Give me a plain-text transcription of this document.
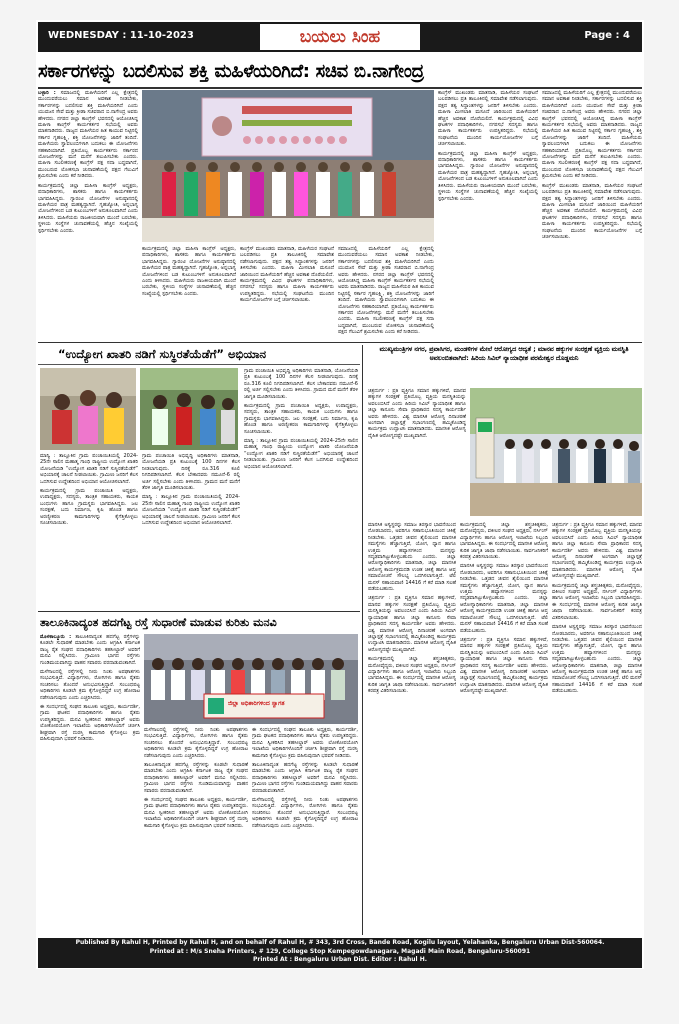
WEDNESDAY : 11-10-2023	ಬಯಲು ಸಿಂಹ	Page : 4
ಸರ್ಕಾರಗಳನ್ನು ಬದಲಿಸುವ ಶಕ್ತಿ ಮಹಿಳೆಯರಿಗಿದೆ: ಸಚಿವ ಬಿ.ನಾಗೇಂದ್ರ

ಬಳ್ಳಾರಿ : ಸಮಾಜದಲ್ಲಿ ಮಹಿಳೆಯರಿಗೆ ಎಲ್ಲ ಕ್ಷೇತ್ರದಲ್ಲಿ ಮುಂದುವರೆಯಲು ಸಮಾನ ಅವಕಾಶ ನೀಡಬೇಕು, ಸರ್ಕಾರಗಳನ್ನು ಬದಲಿಸುವ ಶಕ್ತಿ ಮಹಿಳೆಯರಿಗಿದೆ ಎಂದು ಯುವಜನ ಸೇವೆ ಮತ್ತು ಕ್ರೀಡಾ ಸಚಿವರಾದ ಬಿ.ನಾಗೇಂದ್ರ ಅವರು ಹೇಳಿದರು. ನಗರದ ಜಿಲ್ಲಾ ಕಾಂಗ್ರೆಸ್ ಭವನದಲ್ಲಿ ಆಯೋಜಿಸಿದ್ದ ಮಹಿಳಾ ಕಾಂಗ್ರೆಸ್ ಕಾರ್ಯಕರ್ತರ ಸಭೆಯಲ್ಲಿ ಅವರು ಮಾತನಾಡಿದರು. ರಾಜ್ಯದ ಮಹಿಳೆಯರ ಹಿತ ಕಾಯುವ ನಿಟ್ಟಿನಲ್ಲಿ ಸರ್ಕಾರ ಗೃಹಲಕ್ಷ್ಮಿ, ಶಕ್ತಿ ಯೋಜನೆಗಳನ್ನು ಜಾರಿಗೆ ತಂದಿದೆ. ಮಹಿಳೆಯರು ಸ್ವಾವಲಂಬಿಗಳಾಗಿ ಬದುಕಲು ಈ ಯೋಜನೆಗಳು ಸಹಕಾರಿಯಾಗಿವೆ. ಪ್ರತಿಯೊಬ್ಬ ಕಾರ್ಯಕರ್ತರು ಸರ್ಕಾರದ ಯೋಜನೆಗಳನ್ನು ಮನೆ ಮನೆಗೆ ತಲುಪಿಸಬೇಕು ಎಂದರು. ಮಹಿಳಾ ಸಬಲೀಕರಣಕ್ಕೆ ಕಾಂಗ್ರೆಸ್ ಪಕ್ಷ ಸದಾ ಬದ್ಧವಾಗಿದೆ, ಮುಂಬರುವ ಲೋಕಸಭಾ ಚುನಾವಣೆಯಲ್ಲಿ ಪಕ್ಷದ ಗೆಲುವಿಗೆ ಶ್ರಮಿಸಬೇಕು ಎಂದು ಕರೆ ನೀಡಿದರು.

ಕಾರ್ಯಕ್ರಮದಲ್ಲಿ ಜಿಲ್ಲಾ ಮಹಿಳಾ ಕಾಂಗ್ರೆಸ್ ಅಧ್ಯಕ್ಷರು, ಪದಾಧಿಕಾರಿಗಳು, ಶಾಸಕರು ಹಾಗೂ ಕಾರ್ಯಕರ್ತರು ಭಾಗವಹಿಸಿದ್ದರು. ಗ್ಯಾರಂಟಿ ಯೋಜನೆಗಳ ಅನುಷ್ಠಾನದಲ್ಲಿ ಮಹಿಳೆಯರ ಪಾತ್ರ ಮಹತ್ವದ್ದಾಗಿದೆ. ಗೃಹಜ್ಯೋತಿ, ಅನ್ನಭಾಗ್ಯ ಯೋಜನೆಗಳಿಂದ ಬಡ ಕುಟುಂಬಗಳಿಗೆ ಅನುಕೂಲವಾಗಿದೆ ಎಂದು ತಿಳಿಸಿದರು. ಮಹಿಳೆಯರು ರಾಜಕೀಯವಾಗಿ ಮುಂದೆ ಬರಬೇಕು, ಸ್ಥಳೀಯ ಸಂಸ್ಥೆಗಳ ಚುನಾವಣೆಯಲ್ಲಿ ಹೆಚ್ಚಿನ ಸಂಖ್ಯೆಯಲ್ಲಿ ಸ್ಪರ್ಧಿಸಬೇಕು ಎಂದರು.

ಕಾರ್ಯಕ್ರಮದಲ್ಲಿ ಜಿಲ್ಲಾ ಮಹಿಳಾ ಕಾಂಗ್ರೆಸ್ ಅಧ್ಯಕ್ಷರು, ಪದಾಧಿಕಾರಿಗಳು, ಶಾಸಕರು ಹಾಗೂ ಕಾರ್ಯಕರ್ತರು ಭಾಗವಹಿಸಿದ್ದರು. ಗ್ಯಾರಂಟಿ ಯೋಜನೆಗಳ ಅನುಷ್ಠಾನದಲ್ಲಿ ಮಹಿಳೆಯರ ಪಾತ್ರ ಮಹತ್ವದ್ದಾಗಿದೆ. ಗೃಹಜ್ಯೋತಿ, ಅನ್ನಭಾಗ್ಯ ಯೋಜನೆಗಳಿಂದ ಬಡ ಕುಟುಂಬಗಳಿಗೆ ಅನುಕೂಲವಾಗಿದೆ ಎಂದು ತಿಳಿಸಿದರು. ಮಹಿಳೆಯರು ರಾಜಕೀಯವಾಗಿ ಮುಂದೆ ಬರಬೇಕು, ಸ್ಥಳೀಯ ಸಂಸ್ಥೆಗಳ ಚುನಾವಣೆಯಲ್ಲಿ ಹೆಚ್ಚಿನ ಸಂಖ್ಯೆಯಲ್ಲಿ ಸ್ಪರ್ಧಿಸಬೇಕು ಎಂದರು.

ಕಾಂಗ್ರೆಸ್ ಮುಖಂಡರು ಮಾತನಾಡಿ, ಮಹಿಳೆಯರ ಸಂಘಟನೆ ಬಲಪಡಿಸಲು ಪ್ರತಿ ತಾಲೂಕಿನಲ್ಲಿ ಸಮಾವೇಶ ನಡೆಸಲಾಗುವುದು. ಪಕ್ಷದ ತತ್ವ ಸಿದ್ಧಾಂತಗಳನ್ನು ಜನರಿಗೆ ತಿಳಿಸಬೇಕು ಎಂದರು. ಮಹಿಳಾ ಮೀಸಲಾತಿ ಮಸೂದೆ ಜಾರಿಯಿಂದ ಮಹಿಳೆಯರಿಗೆ ಹೆಚ್ಚಿನ ಅವಕಾಶ ದೊರೆಯಲಿದೆ. ಕಾರ್ಯಕ್ರಮದಲ್ಲಿ ವಿವಿಧ ಘಟಕಗಳ ಪದಾಧಿಕಾರಿಗಳು, ನಗರಸಭೆ ಸದಸ್ಯರು ಹಾಗೂ ಮಹಿಳಾ ಕಾರ್ಯಕರ್ತರು ಉಪಸ್ಥಿತರಿದ್ದರು. ಸಭೆಯಲ್ಲಿ ಸಂಘಟನೆಯ ಮುಂದಿನ ಕಾರ್ಯಯೋಜನೆಗಳ ಬಗ್ಗೆ ಚರ್ಚಿಸಲಾಯಿತು.

ಸಮಾಜದಲ್ಲಿ ಮಹಿಳೆಯರಿಗೆ ಎಲ್ಲ ಕ್ಷೇತ್ರದಲ್ಲಿ ಮುಂದುವರೆಯಲು ಸಮಾನ ಅವಕಾಶ ನೀಡಬೇಕು, ಸರ್ಕಾರಗಳನ್ನು ಬದಲಿಸುವ ಶಕ್ತಿ ಮಹಿಳೆಯರಿಗಿದೆ ಎಂದು ಯುವಜನ ಸೇವೆ ಮತ್ತು ಕ್ರೀಡಾ ಸಚಿವರಾದ ಬಿ.ನಾಗೇಂದ್ರ ಅವರು ಹೇಳಿದರು. ನಗರದ ಜಿಲ್ಲಾ ಕಾಂಗ್ರೆಸ್ ಭವನದಲ್ಲಿ ಆಯೋಜಿಸಿದ್ದ ಮಹಿಳಾ ಕಾಂಗ್ರೆಸ್ ಕಾರ್ಯಕರ್ತರ ಸಭೆಯಲ್ಲಿ ಅವರು ಮಾತನಾಡಿದರು. ರಾಜ್ಯದ ಮಹಿಳೆಯರ ಹಿತ ಕಾಯುವ ನಿಟ್ಟಿನಲ್ಲಿ ಸರ್ಕಾರ ಗೃಹಲಕ್ಷ್ಮಿ, ಶಕ್ತಿ ಯೋಜನೆಗಳನ್ನು ಜಾರಿಗೆ ತಂದಿದೆ. ಮಹಿಳೆಯರು ಸ್ವಾವಲಂಬಿಗಳಾಗಿ ಬದುಕಲು ಈ ಯೋಜನೆಗಳು ಸಹಕಾರಿಯಾಗಿವೆ. ಪ್ರತಿಯೊಬ್ಬ ಕಾರ್ಯಕರ್ತರು ಸರ್ಕಾರದ ಯೋಜನೆಗಳನ್ನು ಮನೆ ಮನೆಗೆ ತಲುಪಿಸಬೇಕು ಎಂದರು. ಮಹಿಳಾ ಸಬಲೀಕರಣಕ್ಕೆ ಕಾಂಗ್ರೆಸ್ ಪಕ್ಷ ಸದಾ ಬದ್ಧವಾಗಿದೆ, ಮುಂಬರುವ ಲೋಕಸಭಾ ಚುನಾವಣೆಯಲ್ಲಿ ಪಕ್ಷದ ಗೆಲುವಿಗೆ ಶ್ರಮಿಸಬೇಕು ಎಂದು ಕರೆ ನೀಡಿದರು.

ಕಾಂಗ್ರೆಸ್ ಮುಖಂಡರು ಮಾತನಾಡಿ, ಮಹಿಳೆಯರ ಸಂಘಟನೆ ಬಲಪಡಿಸಲು ಪ್ರತಿ ತಾಲೂಕಿನಲ್ಲಿ ಸಮಾವೇಶ ನಡೆಸಲಾಗುವುದು. ಪಕ್ಷದ ತತ್ವ ಸಿದ್ಧಾಂತಗಳನ್ನು ಜನರಿಗೆ ತಿಳಿಸಬೇಕು ಎಂದರು. ಮಹಿಳಾ ಮೀಸಲಾತಿ ಮಸೂದೆ ಜಾರಿಯಿಂದ ಮಹಿಳೆಯರಿಗೆ ಹೆಚ್ಚಿನ ಅವಕಾಶ ದೊರೆಯಲಿದೆ. ಕಾರ್ಯಕ್ರಮದಲ್ಲಿ ವಿವಿಧ ಘಟಕಗಳ ಪದಾಧಿಕಾರಿಗಳು, ನಗರಸಭೆ ಸದಸ್ಯರು ಹಾಗೂ ಮಹಿಳಾ ಕಾರ್ಯಕರ್ತರು ಉಪಸ್ಥಿತರಿದ್ದರು. ಸಭೆಯಲ್ಲಿ ಸಂಘಟನೆಯ ಮುಂದಿನ ಕಾರ್ಯಯೋಜನೆಗಳ ಬಗ್ಗೆ ಚರ್ಚಿಸಲಾಯಿತು.

ಕಾರ್ಯಕ್ರಮದಲ್ಲಿ ಜಿಲ್ಲಾ ಮಹಿಳಾ ಕಾಂಗ್ರೆಸ್ ಅಧ್ಯಕ್ಷರು, ಪದಾಧಿಕಾರಿಗಳು, ಶಾಸಕರು ಹಾಗೂ ಕಾರ್ಯಕರ್ತರು ಭಾಗವಹಿಸಿದ್ದರು. ಗ್ಯಾರಂಟಿ ಯೋಜನೆಗಳ ಅನುಷ್ಠಾನದಲ್ಲಿ ಮಹಿಳೆಯರ ಪಾತ್ರ ಮಹತ್ವದ್ದಾಗಿದೆ. ಗೃಹಜ್ಯೋತಿ, ಅನ್ನಭಾಗ್ಯ ಯೋಜನೆಗಳಿಂದ ಬಡ ಕುಟುಂಬಗಳಿಗೆ ಅನುಕೂಲವಾಗಿದೆ ಎಂದು ತಿಳಿಸಿದರು. ಮಹಿಳೆಯರು ರಾಜಕೀಯವಾಗಿ ಮುಂದೆ ಬರಬೇಕು, ಸ್ಥಳೀಯ ಸಂಸ್ಥೆಗಳ ಚುನಾವಣೆಯಲ್ಲಿ ಹೆಚ್ಚಿನ ಸಂಖ್ಯೆಯಲ್ಲಿ ಸ್ಪರ್ಧಿಸಬೇಕು ಎಂದರು.

ಸಮಾಜದಲ್ಲಿ ಮಹಿಳೆಯರಿಗೆ ಎಲ್ಲ ಕ್ಷೇತ್ರದಲ್ಲಿ ಮುಂದುವರೆಯಲು ಸಮಾನ ಅವಕಾಶ ನೀಡಬೇಕು, ಸರ್ಕಾರಗಳನ್ನು ಬದಲಿಸುವ ಶಕ್ತಿ ಮಹಿಳೆಯರಿಗಿದೆ ಎಂದು ಯುವಜನ ಸೇವೆ ಮತ್ತು ಕ್ರೀಡಾ ಸಚಿವರಾದ ಬಿ.ನಾಗೇಂದ್ರ ಅವರು ಹೇಳಿದರು. ನಗರದ ಜಿಲ್ಲಾ ಕಾಂಗ್ರೆಸ್ ಭವನದಲ್ಲಿ ಆಯೋಜಿಸಿದ್ದ ಮಹಿಳಾ ಕಾಂಗ್ರೆಸ್ ಕಾರ್ಯಕರ್ತರ ಸಭೆಯಲ್ಲಿ ಅವರು ಮಾತನಾಡಿದರು. ರಾಜ್ಯದ ಮಹಿಳೆಯರ ಹಿತ ಕಾಯುವ ನಿಟ್ಟಿನಲ್ಲಿ ಸರ್ಕಾರ ಗೃಹಲಕ್ಷ್ಮಿ, ಶಕ್ತಿ ಯೋಜನೆಗಳನ್ನು ಜಾರಿಗೆ ತಂದಿದೆ. ಮಹಿಳೆಯರು ಸ್ವಾವಲಂಬಿಗಳಾಗಿ ಬದುಕಲು ಈ ಯೋಜನೆಗಳು ಸಹಕಾರಿಯಾಗಿವೆ. ಪ್ರತಿಯೊಬ್ಬ ಕಾರ್ಯಕರ್ತರು ಸರ್ಕಾರದ ಯೋಜನೆಗಳನ್ನು ಮನೆ ಮನೆಗೆ ತಲುಪಿಸಬೇಕು ಎಂದರು. ಮಹಿಳಾ ಸಬಲೀಕರಣಕ್ಕೆ ಕಾಂಗ್ರೆಸ್ ಪಕ್ಷ ಸದಾ ಬದ್ಧವಾಗಿದೆ, ಮುಂಬರುವ ಲೋಕಸಭಾ ಚುನಾವಣೆಯಲ್ಲಿ ಪಕ್ಷದ ಗೆಲುವಿಗೆ ಶ್ರಮಿಸಬೇಕು ಎಂದು ಕರೆ ನೀಡಿದರು.

ಕಾಂಗ್ರೆಸ್ ಮುಖಂಡರು ಮಾತನಾಡಿ, ಮಹಿಳೆಯರ ಸಂಘಟನೆ ಬಲಪಡಿಸಲು ಪ್ರತಿ ತಾಲೂಕಿನಲ್ಲಿ ಸಮಾವೇಶ ನಡೆಸಲಾಗುವುದು. ಪಕ್ಷದ ತತ್ವ ಸಿದ್ಧಾಂತಗಳನ್ನು ಜನರಿಗೆ ತಿಳಿಸಬೇಕು ಎಂದರು. ಮಹಿಳಾ ಮೀಸಲಾತಿ ಮಸೂದೆ ಜಾರಿಯಿಂದ ಮಹಿಳೆಯರಿಗೆ ಹೆಚ್ಚಿನ ಅವಕಾಶ ದೊರೆಯಲಿದೆ. ಕಾರ್ಯಕ್ರಮದಲ್ಲಿ ವಿವಿಧ ಘಟಕಗಳ ಪದಾಧಿಕಾರಿಗಳು, ನಗರಸಭೆ ಸದಸ್ಯರು ಹಾಗೂ ಮಹಿಳಾ ಕಾರ್ಯಕರ್ತರು ಉಪಸ್ಥಿತರಿದ್ದರು. ಸಭೆಯಲ್ಲಿ ಸಂಘಟನೆಯ ಮುಂದಿನ ಕಾರ್ಯಯೋಜನೆಗಳ ಬಗ್ಗೆ ಚರ್ಚಿಸಲಾಯಿತು.

“ಉದ್ಯೋಗ ಖಾತರಿ ನಡಿಗೆ ಸುಸ್ಥಿರತೆಯೆಡೆಗೆ” ಅಭಿಯಾನ

ಮಾನ್ವಿ : ತಾಲ್ಲೂಕಿನ ಗ್ರಾಮ ಪಂಚಾಯಿತಿಯಲ್ಲಿ 2024-25ನೇ ಸಾಲಿನ ಮಹಾತ್ಮ ಗಾಂಧಿ ರಾಷ್ಟ್ರೀಯ ಉದ್ಯೋಗ ಖಾತರಿ ಯೋಜನೆಯಡಿ “ಉದ್ಯೋಗ ಖಾತರಿ ನಡಿಗೆ ಸುಸ್ಥಿರತೆಯೆಡೆಗೆ” ಅಭಿಯಾನಕ್ಕೆ ಚಾಲನೆ ನೀಡಲಾಯಿತು. ಗ್ರಾಮೀಣ ಜನರಿಗೆ ಕೆಲಸ ಒದಗಿಸುವ ಉದ್ದೇಶದಿಂದ ಅಭಿಯಾನ ಆಯೋಜಿಸಲಾಗಿದೆ.

ಕಾರ್ಯಕ್ರಮದಲ್ಲಿ ಗ್ರಾಮ ಪಂಚಾಯಿತಿ ಅಧ್ಯಕ್ಷರು, ಉಪಾಧ್ಯಕ್ಷರು, ಸದಸ್ಯರು, ತಾಂತ್ರಿಕ ಸಹಾಯಕರು, ಕಾಯಕ ಬಂಧುಗಳು ಹಾಗೂ ಗ್ರಾಮಸ್ಥರು ಭಾಗವಹಿಸಿದ್ದರು. ಜಲ ಸಂರಕ್ಷಣೆ, ಬದು ನಿರ್ಮಾಣ, ಕೃಷಿ ಹೊಂಡ ಹಾಗೂ ಅರಣ್ಯೀಕರಣ ಕಾಮಗಾರಿಗಳನ್ನು ಕೈಗೆತ್ತಿಕೊಳ್ಳಲು ಸೂಚಿಸಲಾಯಿತು.

ಗ್ರಾಮ ಪಂಚಾಯಿತಿ ಅಭಿವೃದ್ಧಿ ಅಧಿಕಾರಿಗಳು ಮಾತನಾಡಿ, ಯೋಜನೆಯಡಿ ಪ್ರತಿ ಕುಟುಂಬಕ್ಕೆ 100 ದಿನಗಳ ಕೆಲಸ ನೀಡಲಾಗುವುದು. ದಿನಕ್ಕೆ ರೂ.316 ಕೂಲಿ ನಿಗದಿಪಡಿಸಲಾಗಿದೆ. ಕೆಲಸ ಬೇಕಾದವರು ನಮೂನೆ-6 ರಲ್ಲಿ ಅರ್ಜಿ ಸಲ್ಲಿಸಬೇಕು ಎಂದು ತಿಳಿಸಿದರು. ಗ್ರಾಮದ ಮನೆ ಮನೆಗೆ ತೆರಳಿ ಜಾಗೃತಿ ಮೂಡಿಸಲಾಯಿತು.

ಮಾನ್ವಿ : ತಾಲ್ಲೂಕಿನ ಗ್ರಾಮ ಪಂಚಾಯಿತಿಯಲ್ಲಿ 2024-25ನೇ ಸಾಲಿನ ಮಹಾತ್ಮ ಗಾಂಧಿ ರಾಷ್ಟ್ರೀಯ ಉದ್ಯೋಗ ಖಾತರಿ ಯೋಜನೆಯಡಿ “ಉದ್ಯೋಗ ಖಾತರಿ ನಡಿಗೆ ಸುಸ್ಥಿರತೆಯೆಡೆಗೆ” ಅಭಿಯಾನಕ್ಕೆ ಚಾಲನೆ ನೀಡಲಾಯಿತು. ಗ್ರಾಮೀಣ ಜನರಿಗೆ ಕೆಲಸ ಒದಗಿಸುವ ಉದ್ದೇಶದಿಂದ ಅಭಿಯಾನ ಆಯೋಜಿಸಲಾಗಿದೆ.

ಗ್ರಾಮ ಪಂಚಾಯಿತಿ ಅಭಿವೃದ್ಧಿ ಅಧಿಕಾರಿಗಳು ಮಾತನಾಡಿ, ಯೋಜನೆಯಡಿ ಪ್ರತಿ ಕುಟುಂಬಕ್ಕೆ 100 ದಿನಗಳ ಕೆಲಸ ನೀಡಲಾಗುವುದು. ದಿನಕ್ಕೆ ರೂ.316 ಕೂಲಿ ನಿಗದಿಪಡಿಸಲಾಗಿದೆ. ಕೆಲಸ ಬೇಕಾದವರು ನಮೂನೆ-6 ರಲ್ಲಿ ಅರ್ಜಿ ಸಲ್ಲಿಸಬೇಕು ಎಂದು ತಿಳಿಸಿದರು. ಗ್ರಾಮದ ಮನೆ ಮನೆಗೆ ತೆರಳಿ ಜಾಗೃತಿ ಮೂಡಿಸಲಾಯಿತು.

ಕಾರ್ಯಕ್ರಮದಲ್ಲಿ ಗ್ರಾಮ ಪಂಚಾಯಿತಿ ಅಧ್ಯಕ್ಷರು, ಉಪಾಧ್ಯಕ್ಷರು, ಸದಸ್ಯರು, ತಾಂತ್ರಿಕ ಸಹಾಯಕರು, ಕಾಯಕ ಬಂಧುಗಳು ಹಾಗೂ ಗ್ರಾಮಸ್ಥರು ಭಾಗವಹಿಸಿದ್ದರು. ಜಲ ಸಂರಕ್ಷಣೆ, ಬದು ನಿರ್ಮಾಣ, ಕೃಷಿ ಹೊಂಡ ಹಾಗೂ ಅರಣ್ಯೀಕರಣ ಕಾಮಗಾರಿಗಳನ್ನು ಕೈಗೆತ್ತಿಕೊಳ್ಳಲು ಸೂಚಿಸಲಾಯಿತು.

ಮಾನ್ವಿ : ತಾಲ್ಲೂಕಿನ ಗ್ರಾಮ ಪಂಚಾಯಿತಿಯಲ್ಲಿ 2024-25ನೇ ಸಾಲಿನ ಮಹಾತ್ಮ ಗಾಂಧಿ ರಾಷ್ಟ್ರೀಯ ಉದ್ಯೋಗ ಖಾತರಿ ಯೋಜನೆಯಡಿ “ಉದ್ಯೋಗ ಖಾತರಿ ನಡಿಗೆ ಸುಸ್ಥಿರತೆಯೆಡೆಗೆ” ಅಭಿಯಾನಕ್ಕೆ ಚಾಲನೆ ನೀಡಲಾಯಿತು. ಗ್ರಾಮೀಣ ಜನರಿಗೆ ಕೆಲಸ ಒದಗಿಸುವ ಉದ್ದೇಶದಿಂದ ಅಭಿಯಾನ ಆಯೋಜಿಸಲಾಗಿದೆ.

ತಾಲೂಕಿನಾದ್ಯಂತ ಹದಗೆಟ್ಟ ರಸ್ತೆ ಸುಧಾರಣೆ ಮಾಡುವ ಕುರಿತು ಮನವಿ

ಮೊಳಕಾಲ್ಮೂರು : ತಾಲೂಕಿನಾದ್ಯಂತ ಹದಗೆಟ್ಟ ರಸ್ತೆಗಳನ್ನು ಕೂಡಲೇ ಸುಧಾರಣೆ ಮಾಡಬೇಕು ಎಂದು ಆಗ್ರಹಿಸಿ ಕರ್ನಾಟಕ ರಾಜ್ಯ ರೈತ ಸಂಘದ ಪದಾಧಿಕಾರಿಗಳು ತಹಸೀಲ್ದಾರ್ ಅವರಿಗೆ ಮನವಿ ಸಲ್ಲಿಸಿದರು. ಗ್ರಾಮೀಣ ಭಾಗದ ರಸ್ತೆಗಳು ಗುಂಡಿಮಯವಾಗಿದ್ದು ವಾಹನ ಸವಾರರು ಪರದಾಡುವಂತಾಗಿದೆ.

ಮಳೆಗಾಲದಲ್ಲಿ ರಸ್ತೆಗಳಲ್ಲಿ ನೀರು ನಿಂತು ಅಪಘಾತಗಳು ಸಂಭವಿಸುತ್ತಿವೆ. ವಿದ್ಯಾರ್ಥಿಗಳು, ರೋಗಿಗಳು ಹಾಗೂ ರೈತರು ಸಂಚರಿಸಲು ತೊಂದರೆ ಅನುಭವಿಸುತ್ತಿದ್ದಾರೆ. ಸಂಬಂಧಪಟ್ಟ ಅಧಿಕಾರಿಗಳು ಕೂಡಲೇ ಕ್ರಮ ಕೈಗೊಳ್ಳದಿದ್ದರೆ ಉಗ್ರ ಹೋರಾಟ ನಡೆಸಲಾಗುವುದು ಎಂದು ಎಚ್ಚರಿಸಿದರು.

ಈ ಸಂದರ್ಭದಲ್ಲಿ ಸಂಘದ ತಾಲೂಕು ಅಧ್ಯಕ್ಷರು, ಕಾರ್ಯದರ್ಶಿ, ಗ್ರಾಮ ಘಟಕದ ಪದಾಧಿಕಾರಿಗಳು ಹಾಗೂ ರೈತರು ಉಪಸ್ಥಿತರಿದ್ದರು. ಮನವಿ ಸ್ವೀಕರಿಸಿದ ತಹಸೀಲ್ದಾರ್ ಅವರು ಲೋಕೋಪಯೋಗಿ ಇಲಾಖೆಯ ಅಧಿಕಾರಿಗಳೊಂದಿಗೆ ಚರ್ಚಿಸಿ ಶೀಘ್ರವಾಗಿ ರಸ್ತೆ ದುರಸ್ತಿ ಕಾಮಗಾರಿ ಕೈಗೊಳ್ಳಲು ಕ್ರಮ ವಹಿಸುವುದಾಗಿ ಭರವಸೆ ನೀಡಿದರು.

ಜಿಲ್ಲಾ ಅಧಿಕಾರಿಗಳಿಂದ ಸ್ವಾಗತ

ಮಳೆಗಾಲದಲ್ಲಿ ರಸ್ತೆಗಳಲ್ಲಿ ನೀರು ನಿಂತು ಅಪಘಾತಗಳು ಸಂಭವಿಸುತ್ತಿವೆ. ವಿದ್ಯಾರ್ಥಿಗಳು, ರೋಗಿಗಳು ಹಾಗೂ ರೈತರು ಸಂಚರಿಸಲು ತೊಂದರೆ ಅನುಭವಿಸುತ್ತಿದ್ದಾರೆ. ಸಂಬಂಧಪಟ್ಟ ಅಧಿಕಾರಿಗಳು ಕೂಡಲೇ ಕ್ರಮ ಕೈಗೊಳ್ಳದಿದ್ದರೆ ಉಗ್ರ ಹೋರಾಟ ನಡೆಸಲಾಗುವುದು ಎಂದು ಎಚ್ಚರಿಸಿದರು.

ತಾಲೂಕಿನಾದ್ಯಂತ ಹದಗೆಟ್ಟ ರಸ್ತೆಗಳನ್ನು ಕೂಡಲೇ ಸುಧಾರಣೆ ಮಾಡಬೇಕು ಎಂದು ಆಗ್ರಹಿಸಿ ಕರ್ನಾಟಕ ರಾಜ್ಯ ರೈತ ಸಂಘದ ಪದಾಧಿಕಾರಿಗಳು ತಹಸೀಲ್ದಾರ್ ಅವರಿಗೆ ಮನವಿ ಸಲ್ಲಿಸಿದರು. ಗ್ರಾಮೀಣ ಭಾಗದ ರಸ್ತೆಗಳು ಗುಂಡಿಮಯವಾಗಿದ್ದು ವಾಹನ ಸವಾರರು ಪರದಾಡುವಂತಾಗಿದೆ.

ಈ ಸಂದರ್ಭದಲ್ಲಿ ಸಂಘದ ತಾಲೂಕು ಅಧ್ಯಕ್ಷರು, ಕಾರ್ಯದರ್ಶಿ, ಗ್ರಾಮ ಘಟಕದ ಪದಾಧಿಕಾರಿಗಳು ಹಾಗೂ ರೈತರು ಉಪಸ್ಥಿತರಿದ್ದರು. ಮನವಿ ಸ್ವೀಕರಿಸಿದ ತಹಸೀಲ್ದಾರ್ ಅವರು ಲೋಕೋಪಯೋಗಿ ಇಲಾಖೆಯ ಅಧಿಕಾರಿಗಳೊಂದಿಗೆ ಚರ್ಚಿಸಿ ಶೀಘ್ರವಾಗಿ ರಸ್ತೆ ದುರಸ್ತಿ ಕಾಮಗಾರಿ ಕೈಗೊಳ್ಳಲು ಕ್ರಮ ವಹಿಸುವುದಾಗಿ ಭರವಸೆ ನೀಡಿದರು.

ಈ ಸಂದರ್ಭದಲ್ಲಿ ಸಂಘದ ತಾಲೂಕು ಅಧ್ಯಕ್ಷರು, ಕಾರ್ಯದರ್ಶಿ, ಗ್ರಾಮ ಘಟಕದ ಪದಾಧಿಕಾರಿಗಳು ಹಾಗೂ ರೈತರು ಉಪಸ್ಥಿತರಿದ್ದರು. ಮನವಿ ಸ್ವೀಕರಿಸಿದ ತಹಸೀಲ್ದಾರ್ ಅವರು ಲೋಕೋಪಯೋಗಿ ಇಲಾಖೆಯ ಅಧಿಕಾರಿಗಳೊಂದಿಗೆ ಚರ್ಚಿಸಿ ಶೀಘ್ರವಾಗಿ ರಸ್ತೆ ದುರಸ್ತಿ ಕಾಮಗಾರಿ ಕೈಗೊಳ್ಳಲು ಕ್ರಮ ವಹಿಸುವುದಾಗಿ ಭರವಸೆ ನೀಡಿದರು.

ತಾಲೂಕಿನಾದ್ಯಂತ ಹದಗೆಟ್ಟ ರಸ್ತೆಗಳನ್ನು ಕೂಡಲೇ ಸುಧಾರಣೆ ಮಾಡಬೇಕು ಎಂದು ಆಗ್ರಹಿಸಿ ಕರ್ನಾಟಕ ರಾಜ್ಯ ರೈತ ಸಂಘದ ಪದಾಧಿಕಾರಿಗಳು ತಹಸೀಲ್ದಾರ್ ಅವರಿಗೆ ಮನವಿ ಸಲ್ಲಿಸಿದರು. ಗ್ರಾಮೀಣ ಭಾಗದ ರಸ್ತೆಗಳು ಗುಂಡಿಮಯವಾಗಿದ್ದು ವಾಹನ ಸವಾರರು ಪರದಾಡುವಂತಾಗಿದೆ.

ಮಳೆಗಾಲದಲ್ಲಿ ರಸ್ತೆಗಳಲ್ಲಿ ನೀರು ನಿಂತು ಅಪಘಾತಗಳು ಸಂಭವಿಸುತ್ತಿವೆ. ವಿದ್ಯಾರ್ಥಿಗಳು, ರೋಗಿಗಳು ಹಾಗೂ ರೈತರು ಸಂಚರಿಸಲು ತೊಂದರೆ ಅನುಭವಿಸುತ್ತಿದ್ದಾರೆ. ಸಂಬಂಧಪಟ್ಟ ಅಧಿಕಾರಿಗಳು ಕೂಡಲೇ ಕ್ರಮ ಕೈಗೊಳ್ಳದಿದ್ದರೆ ಉಗ್ರ ಹೋರಾಟ ನಡೆಸಲಾಗುವುದು ಎಂದು ಎಚ್ಚರಿಸಿದರು.

ಮುಖ್ಯಮಂತ್ರಿಗಳ ನಗರ, ಪ್ರವಾಸಿಗರ, ಮಂಡಳಿಗಳ ಮೇಲೆ ಆರೋಗ್ಯದ ಆದ್ಯತೆ ; ಮಾನವ ಹಕ್ಕುಗಳ ಸಂರಕ್ಷಣೆ ವ್ಯಕ್ತಿಯ ಮನಸ್ಥಿತಿ ಅವಲಂಬಿತವಾಗಿದೆ: ಹಿರಿಯ ಸಿವಿಲ್ ನ್ಯಾಯಾಧೀಶ ಪರಮೇಶ್ವರ ದೊಡ್ಡಮನಿ

ಚಿತ್ರದುರ್ಗ : ಪ್ರತಿ ವ್ಯಕ್ತಿಗೂ ಸಮಾನ ಹಕ್ಕುಗಳಿವೆ, ಮಾನವ ಹಕ್ಕುಗಳ ಸಂರಕ್ಷಣೆ ಪ್ರತಿಯೊಬ್ಬ ವ್ಯಕ್ತಿಯ ಮನಸ್ಥಿತಿಯನ್ನು ಅವಲಂಬಿಸಿದೆ ಎಂದು ಹಿರಿಯ ಸಿವಿಲ್ ನ್ಯಾಯಾಧೀಶ ಹಾಗೂ ಜಿಲ್ಲಾ ಕಾನೂನು ಸೇವಾ ಪ್ರಾಧಿಕಾರದ ಸದಸ್ಯ ಕಾರ್ಯದರ್ಶಿ ಅವರು ಹೇಳಿದರು. ವಿಶ್ವ ಮಾನಸಿಕ ಆರೋಗ್ಯ ದಿನಾಚರಣೆ ಅಂಗವಾಗಿ ಜಿಲ್ಲಾಸ್ಪತ್ರೆ ಸಭಾಂಗಣದಲ್ಲಿ ಹಮ್ಮಿಕೊಂಡಿದ್ದ ಕಾರ್ಯಕ್ರಮ ಉದ್ಘಾಟಿಸಿ ಮಾತನಾಡಿದರು. ಮಾನಸಿಕ ಆರೋಗ್ಯ ದೈಹಿಕ ಆರೋಗ್ಯದಷ್ಟೇ ಮುಖ್ಯವಾಗಿದೆ.

ಮಾನಸಿಕ ಅಸ್ವಸ್ಥರನ್ನು ಸಮಾಜ ತಿರಸ್ಕಾರ ಭಾವನೆಯಿಂದ ನೋಡಬಾರದು, ಅವರಿಗೂ ಸಹಾನುಭೂತಿಯಿಂದ ಚಿಕಿತ್ಸೆ ನೀಡಬೇಕು. ಒತ್ತಡದ ಜೀವನ ಶೈಲಿಯಿಂದ ಮಾನಸಿಕ ಸಮಸ್ಯೆಗಳು ಹೆಚ್ಚಾಗುತ್ತಿವೆ, ಯೋಗ, ಧ್ಯಾನ ಹಾಗೂ ಉತ್ತಮ ಹವ್ಯಾಸಗಳಿಂದ ಮನಸ್ಸನ್ನು ಸದೃಢವಾಗಿಟ್ಟುಕೊಳ್ಳಬಹುದು ಎಂದರು. ಜಿಲ್ಲಾ ಆರೋಗ್ಯಾಧಿಕಾರಿಗಳು ಮಾತನಾಡಿ, ಜಿಲ್ಲಾ ಮಾನಸಿಕ ಆರೋಗ್ಯ ಕಾರ್ಯಕ್ರಮದಡಿ ಉಚಿತ ಚಿಕಿತ್ಸೆ ಹಾಗೂ ಆಪ್ತ ಸಮಾಲೋಚನೆ ಸೌಲಭ್ಯ ಒದಗಿಸಲಾಗುತ್ತಿದೆ. ಟೆಲಿ ಮನಸ್ ಸಹಾಯವಾಣಿ 14416 ಗೆ ಕರೆ ಮಾಡಿ ಸಲಹೆ ಪಡೆಯಬಹುದು.

ಚಿತ್ರದುರ್ಗ : ಪ್ರತಿ ವ್ಯಕ್ತಿಗೂ ಸಮಾನ ಹಕ್ಕುಗಳಿವೆ, ಮಾನವ ಹಕ್ಕುಗಳ ಸಂರಕ್ಷಣೆ ಪ್ರತಿಯೊಬ್ಬ ವ್ಯಕ್ತಿಯ ಮನಸ್ಥಿತಿಯನ್ನು ಅವಲಂಬಿಸಿದೆ ಎಂದು ಹಿರಿಯ ಸಿವಿಲ್ ನ್ಯಾಯಾಧೀಶ ಹಾಗೂ ಜಿಲ್ಲಾ ಕಾನೂನು ಸೇವಾ ಪ್ರಾಧಿಕಾರದ ಸದಸ್ಯ ಕಾರ್ಯದರ್ಶಿ ಅವರು ಹೇಳಿದರು. ವಿಶ್ವ ಮಾನಸಿಕ ಆರೋಗ್ಯ ದಿನಾಚರಣೆ ಅಂಗವಾಗಿ ಜಿಲ್ಲಾಸ್ಪತ್ರೆ ಸಭಾಂಗಣದಲ್ಲಿ ಹಮ್ಮಿಕೊಂಡಿದ್ದ ಕಾರ್ಯಕ್ರಮ ಉದ್ಘಾಟಿಸಿ ಮಾತನಾಡಿದರು. ಮಾನಸಿಕ ಆರೋಗ್ಯ ದೈಹಿಕ ಆರೋಗ್ಯದಷ್ಟೇ ಮುಖ್ಯವಾಗಿದೆ.

ಕಾರ್ಯಕ್ರಮದಲ್ಲಿ ಜಿಲ್ಲಾ ಶಸ್ತ್ರಚಿಕಿತ್ಸಕರು, ಮನೋವೈದ್ಯರು, ವಕೀಲರ ಸಂಘದ ಅಧ್ಯಕ್ಷರು, ನರ್ಸಿಂಗ್ ವಿದ್ಯಾರ್ಥಿಗಳು ಹಾಗೂ ಆರೋಗ್ಯ ಇಲಾಖೆಯ ಸಿಬ್ಬಂದಿ ಭಾಗವಹಿಸಿದ್ದರು. ಈ ಸಂದರ್ಭದಲ್ಲಿ ಮಾನಸಿಕ ಆರೋಗ್ಯ ಕುರಿತ ಜಾಗೃತಿ ಜಾಥಾ ನಡೆಸಲಾಯಿತು. ಸಾರ್ವಜನಿಕರಿಗೆ ಕರಪತ್ರ ವಿತರಿಸಲಾಯಿತು.

ಕಾರ್ಯಕ್ರಮದಲ್ಲಿ ಜಿಲ್ಲಾ ಶಸ್ತ್ರಚಿಕಿತ್ಸಕರು, ಮನೋವೈದ್ಯರು, ವಕೀಲರ ಸಂಘದ ಅಧ್ಯಕ್ಷರು, ನರ್ಸಿಂಗ್ ವಿದ್ಯಾರ್ಥಿಗಳು ಹಾಗೂ ಆರೋಗ್ಯ ಇಲಾಖೆಯ ಸಿಬ್ಬಂದಿ ಭಾಗವಹಿಸಿದ್ದರು. ಈ ಸಂದರ್ಭದಲ್ಲಿ ಮಾನಸಿಕ ಆರೋಗ್ಯ ಕುರಿತ ಜಾಗೃತಿ ಜಾಥಾ ನಡೆಸಲಾಯಿತು. ಸಾರ್ವಜನಿಕರಿಗೆ ಕರಪತ್ರ ವಿತರಿಸಲಾಯಿತು.

ಮಾನಸಿಕ ಅಸ್ವಸ್ಥರನ್ನು ಸಮಾಜ ತಿರಸ್ಕಾರ ಭಾವನೆಯಿಂದ ನೋಡಬಾರದು, ಅವರಿಗೂ ಸಹಾನುಭೂತಿಯಿಂದ ಚಿಕಿತ್ಸೆ ನೀಡಬೇಕು. ಒತ್ತಡದ ಜೀವನ ಶೈಲಿಯಿಂದ ಮಾನಸಿಕ ಸಮಸ್ಯೆಗಳು ಹೆಚ್ಚಾಗುತ್ತಿವೆ, ಯೋಗ, ಧ್ಯಾನ ಹಾಗೂ ಉತ್ತಮ ಹವ್ಯಾಸಗಳಿಂದ ಮನಸ್ಸನ್ನು ಸದೃಢವಾಗಿಟ್ಟುಕೊಳ್ಳಬಹುದು ಎಂದರು. ಜಿಲ್ಲಾ ಆರೋಗ್ಯಾಧಿಕಾರಿಗಳು ಮಾತನಾಡಿ, ಜಿಲ್ಲಾ ಮಾನಸಿಕ ಆರೋಗ್ಯ ಕಾರ್ಯಕ್ರಮದಡಿ ಉಚಿತ ಚಿಕಿತ್ಸೆ ಹಾಗೂ ಆಪ್ತ ಸಮಾಲೋಚನೆ ಸೌಲಭ್ಯ ಒದಗಿಸಲಾಗುತ್ತಿದೆ. ಟೆಲಿ ಮನಸ್ ಸಹಾಯವಾಣಿ 14416 ಗೆ ಕರೆ ಮಾಡಿ ಸಲಹೆ ಪಡೆಯಬಹುದು.

ಚಿತ್ರದುರ್ಗ : ಪ್ರತಿ ವ್ಯಕ್ತಿಗೂ ಸಮಾನ ಹಕ್ಕುಗಳಿವೆ, ಮಾನವ ಹಕ್ಕುಗಳ ಸಂರಕ್ಷಣೆ ಪ್ರತಿಯೊಬ್ಬ ವ್ಯಕ್ತಿಯ ಮನಸ್ಥಿತಿಯನ್ನು ಅವಲಂಬಿಸಿದೆ ಎಂದು ಹಿರಿಯ ಸಿವಿಲ್ ನ್ಯಾಯಾಧೀಶ ಹಾಗೂ ಜಿಲ್ಲಾ ಕಾನೂನು ಸೇವಾ ಪ್ರಾಧಿಕಾರದ ಸದಸ್ಯ ಕಾರ್ಯದರ್ಶಿ ಅವರು ಹೇಳಿದರು. ವಿಶ್ವ ಮಾನಸಿಕ ಆರೋಗ್ಯ ದಿನಾಚರಣೆ ಅಂಗವಾಗಿ ಜಿಲ್ಲಾಸ್ಪತ್ರೆ ಸಭಾಂಗಣದಲ್ಲಿ ಹಮ್ಮಿಕೊಂಡಿದ್ದ ಕಾರ್ಯಕ್ರಮ ಉದ್ಘಾಟಿಸಿ ಮಾತನಾಡಿದರು. ಮಾನಸಿಕ ಆರೋಗ್ಯ ದೈಹಿಕ ಆರೋಗ್ಯದಷ್ಟೇ ಮುಖ್ಯವಾಗಿದೆ.

ಚಿತ್ರದುರ್ಗ : ಪ್ರತಿ ವ್ಯಕ್ತಿಗೂ ಸಮಾನ ಹಕ್ಕುಗಳಿವೆ, ಮಾನವ ಹಕ್ಕುಗಳ ಸಂರಕ್ಷಣೆ ಪ್ರತಿಯೊಬ್ಬ ವ್ಯಕ್ತಿಯ ಮನಸ್ಥಿತಿಯನ್ನು ಅವಲಂಬಿಸಿದೆ ಎಂದು ಹಿರಿಯ ಸಿವಿಲ್ ನ್ಯಾಯಾಧೀಶ ಹಾಗೂ ಜಿಲ್ಲಾ ಕಾನೂನು ಸೇವಾ ಪ್ರಾಧಿಕಾರದ ಸದಸ್ಯ ಕಾರ್ಯದರ್ಶಿ ಅವರು ಹೇಳಿದರು. ವಿಶ್ವ ಮಾನಸಿಕ ಆರೋಗ್ಯ ದಿನಾಚರಣೆ ಅಂಗವಾಗಿ ಜಿಲ್ಲಾಸ್ಪತ್ರೆ ಸಭಾಂಗಣದಲ್ಲಿ ಹಮ್ಮಿಕೊಂಡಿದ್ದ ಕಾರ್ಯಕ್ರಮ ಉದ್ಘಾಟಿಸಿ ಮಾತನಾಡಿದರು. ಮಾನಸಿಕ ಆರೋಗ್ಯ ದೈಹಿಕ ಆರೋಗ್ಯದಷ್ಟೇ ಮುಖ್ಯವಾಗಿದೆ.

ಕಾರ್ಯಕ್ರಮದಲ್ಲಿ ಜಿಲ್ಲಾ ಶಸ್ತ್ರಚಿಕಿತ್ಸಕರು, ಮನೋವೈದ್ಯರು, ವಕೀಲರ ಸಂಘದ ಅಧ್ಯಕ್ಷರು, ನರ್ಸಿಂಗ್ ವಿದ್ಯಾರ್ಥಿಗಳು ಹಾಗೂ ಆರೋಗ್ಯ ಇಲಾಖೆಯ ಸಿಬ್ಬಂದಿ ಭಾಗವಹಿಸಿದ್ದರು. ಈ ಸಂದರ್ಭದಲ್ಲಿ ಮಾನಸಿಕ ಆರೋಗ್ಯ ಕುರಿತ ಜಾಗೃತಿ ಜಾಥಾ ನಡೆಸಲಾಯಿತು. ಸಾರ್ವಜನಿಕರಿಗೆ ಕರಪತ್ರ ವಿತರಿಸಲಾಯಿತು.

ಮಾನಸಿಕ ಅಸ್ವಸ್ಥರನ್ನು ಸಮಾಜ ತಿರಸ್ಕಾರ ಭಾವನೆಯಿಂದ ನೋಡಬಾರದು, ಅವರಿಗೂ ಸಹಾನುಭೂತಿಯಿಂದ ಚಿಕಿತ್ಸೆ ನೀಡಬೇಕು. ಒತ್ತಡದ ಜೀವನ ಶೈಲಿಯಿಂದ ಮಾನಸಿಕ ಸಮಸ್ಯೆಗಳು ಹೆಚ್ಚಾಗುತ್ತಿವೆ, ಯೋಗ, ಧ್ಯಾನ ಹಾಗೂ ಉತ್ತಮ ಹವ್ಯಾಸಗಳಿಂದ ಮನಸ್ಸನ್ನು ಸದೃಢವಾಗಿಟ್ಟುಕೊಳ್ಳಬಹುದು ಎಂದರು. ಜಿಲ್ಲಾ ಆರೋಗ್ಯಾಧಿಕಾರಿಗಳು ಮಾತನಾಡಿ, ಜಿಲ್ಲಾ ಮಾನಸಿಕ ಆರೋಗ್ಯ ಕಾರ್ಯಕ್ರಮದಡಿ ಉಚಿತ ಚಿಕಿತ್ಸೆ ಹಾಗೂ ಆಪ್ತ ಸಮಾಲೋಚನೆ ಸೌಲಭ್ಯ ಒದಗಿಸಲಾಗುತ್ತಿದೆ. ಟೆಲಿ ಮನಸ್ ಸಹಾಯವಾಣಿ 14416 ಗೆ ಕರೆ ಮಾಡಿ ಸಲಹೆ ಪಡೆಯಬಹುದು.

Published By Rahul H, Printed by Rahul H, and on behalf of Rahul H, # 343, 3rd Cross, Bande Road, Kogilu layout, Yelahanka, Bengaluru Urban Dist-560064.
Printed at : M/s Sneha Printers, # 129, College Stop Kempegowdanagara, Magadi Main Road, Bengaluru-560091
Printed At : Bengaluru Urban Dist. Editor : Rahul H.
